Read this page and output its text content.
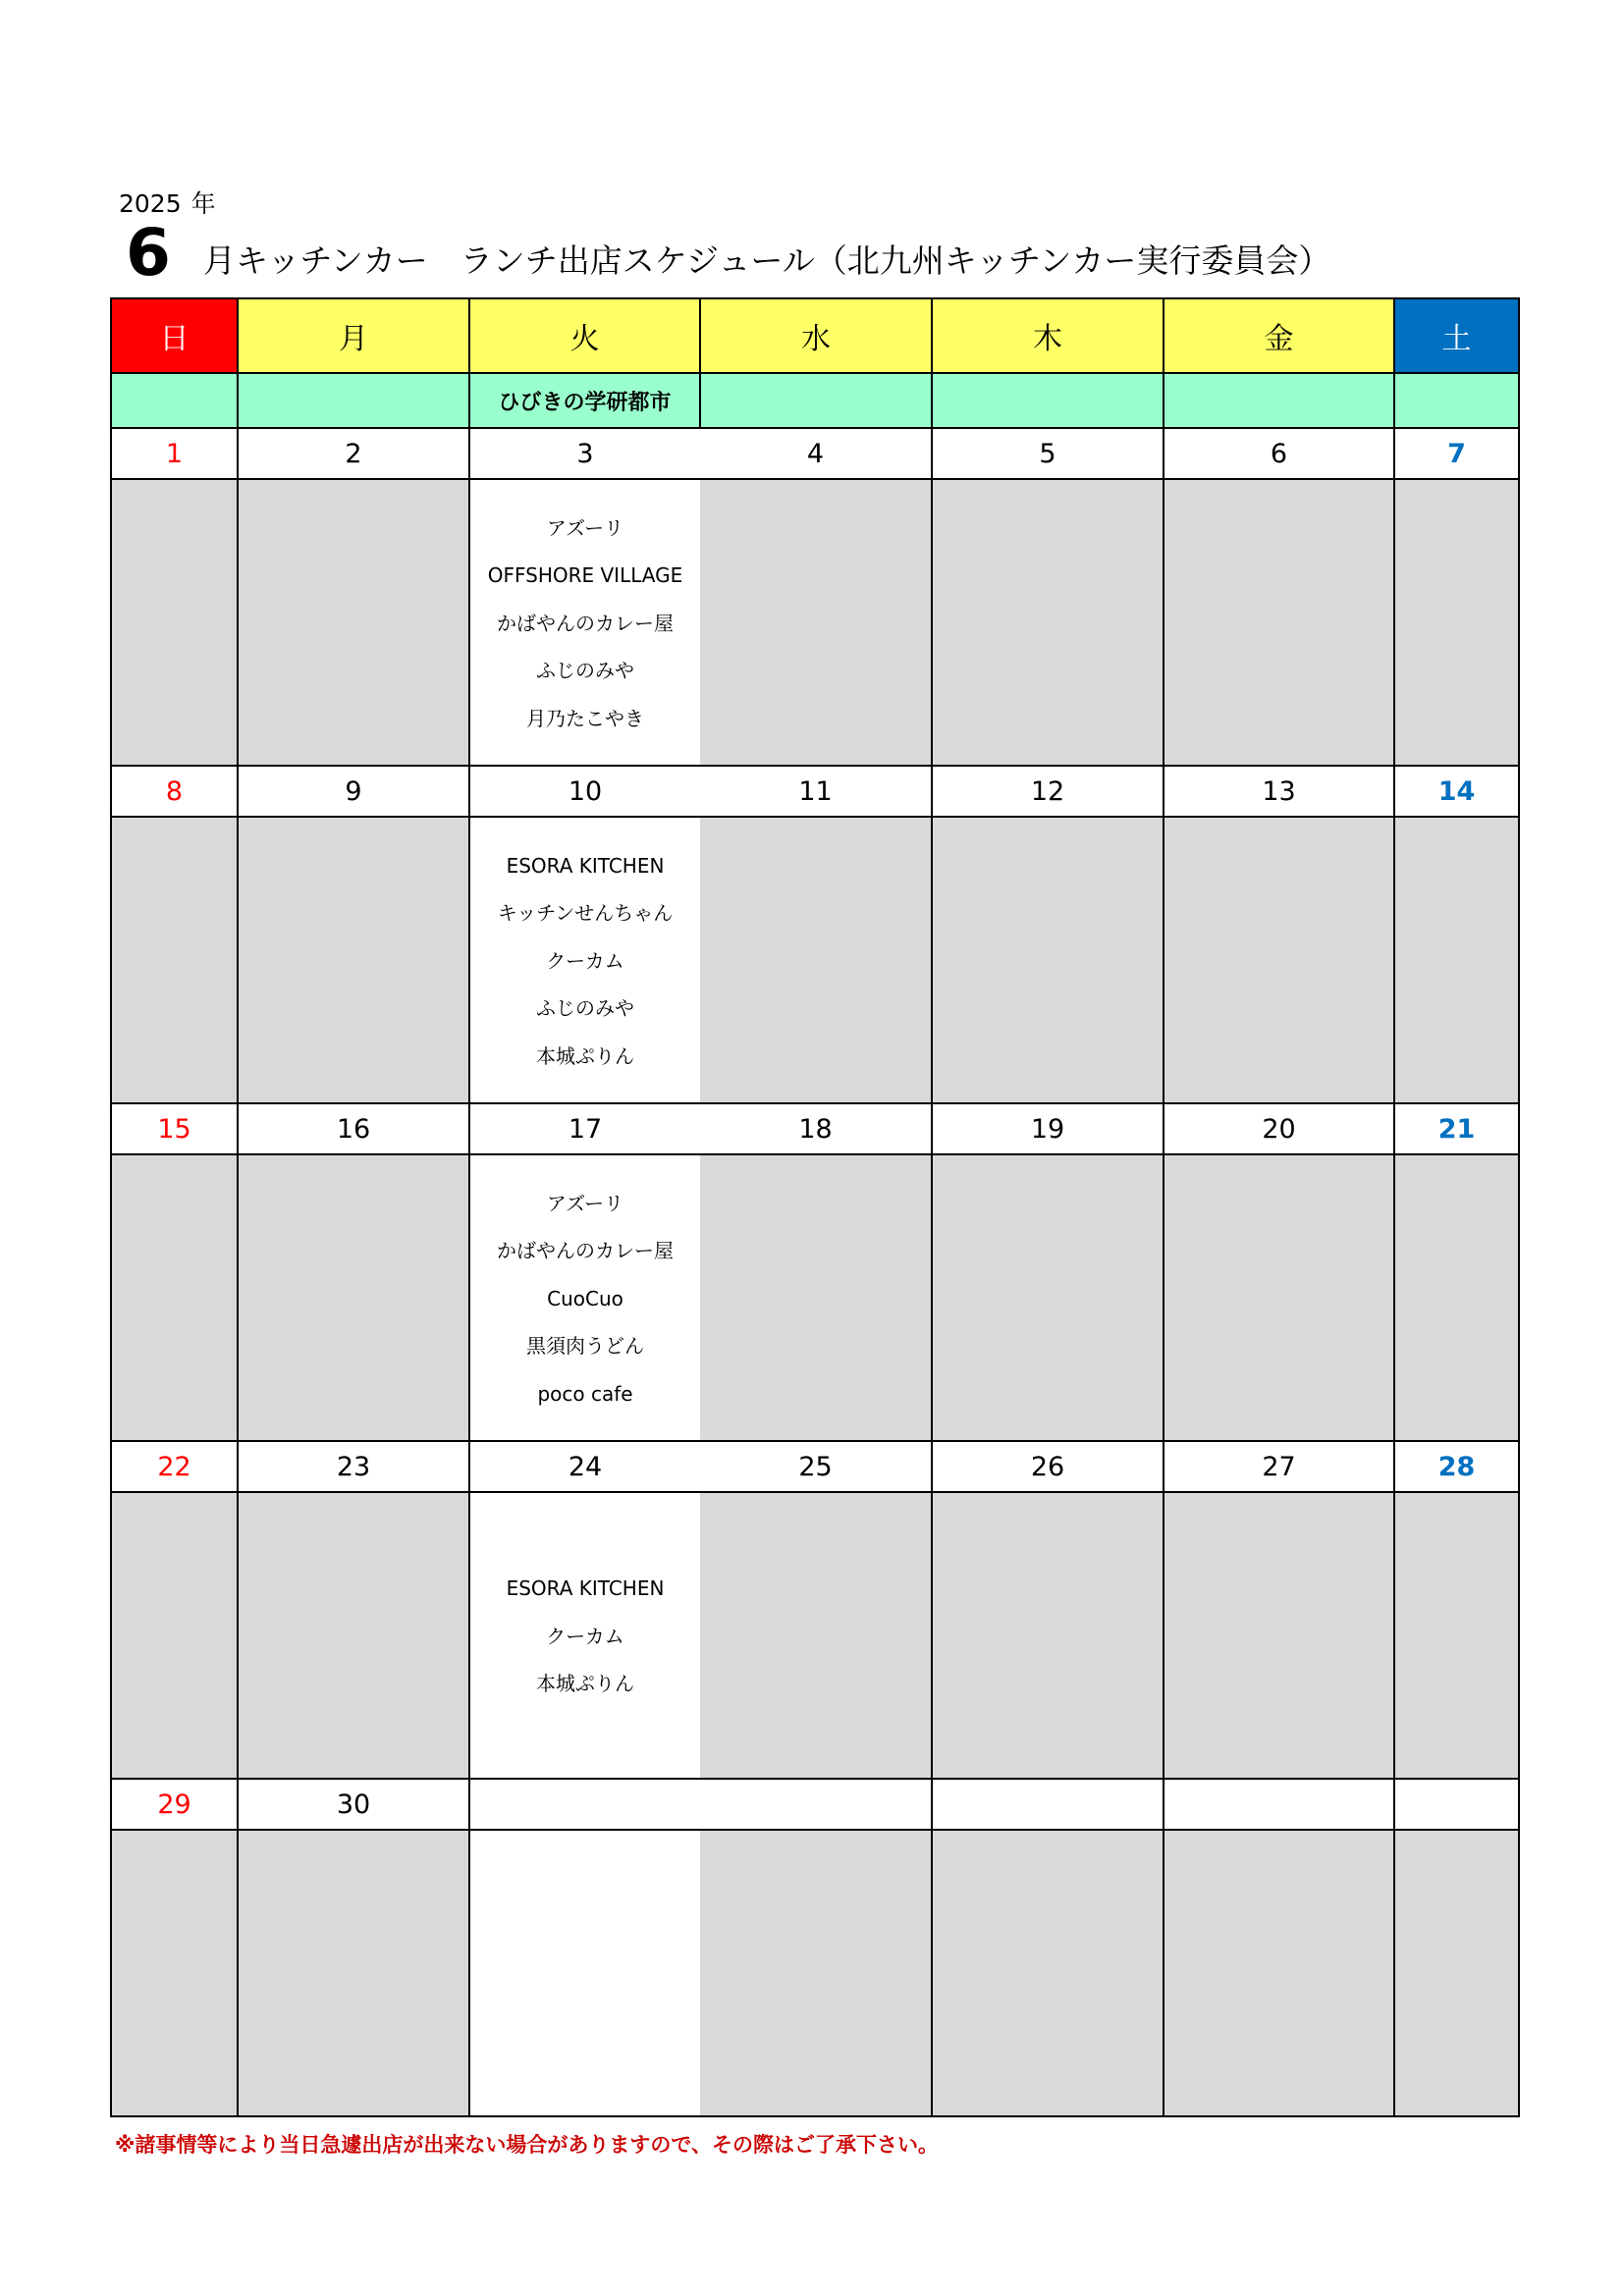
2025 年
6 月キッチンカー　ランチ出店スケジュール（北九州キッチンカー実行委員会）
日	月	火	水	木	金	土
		ひびきの学研都市				
1	2	3	4	5	6	7

		アズーリ
OFFSHORE VILLAGE
かばやんのカレー屋
ふじのみや
月乃たこやき				

8	9	10	11	12	13	14

		ESORA KITCHEN
キッチンせんちゃん
クーカム
ふじのみや
本城ぷりん				

15	16	17	18	19	20	21

		アズーリ
かばやんのカレー屋
CuoCuo
黒須肉うどん
poco cafe				

22	23	24	25	26	27	28

		ESORA KITCHEN
クーカム
本城ぷりん				

29	30					

※諸事情等により当日急遽出店が出来ない場合がありますので、その際はご了承下さい。
